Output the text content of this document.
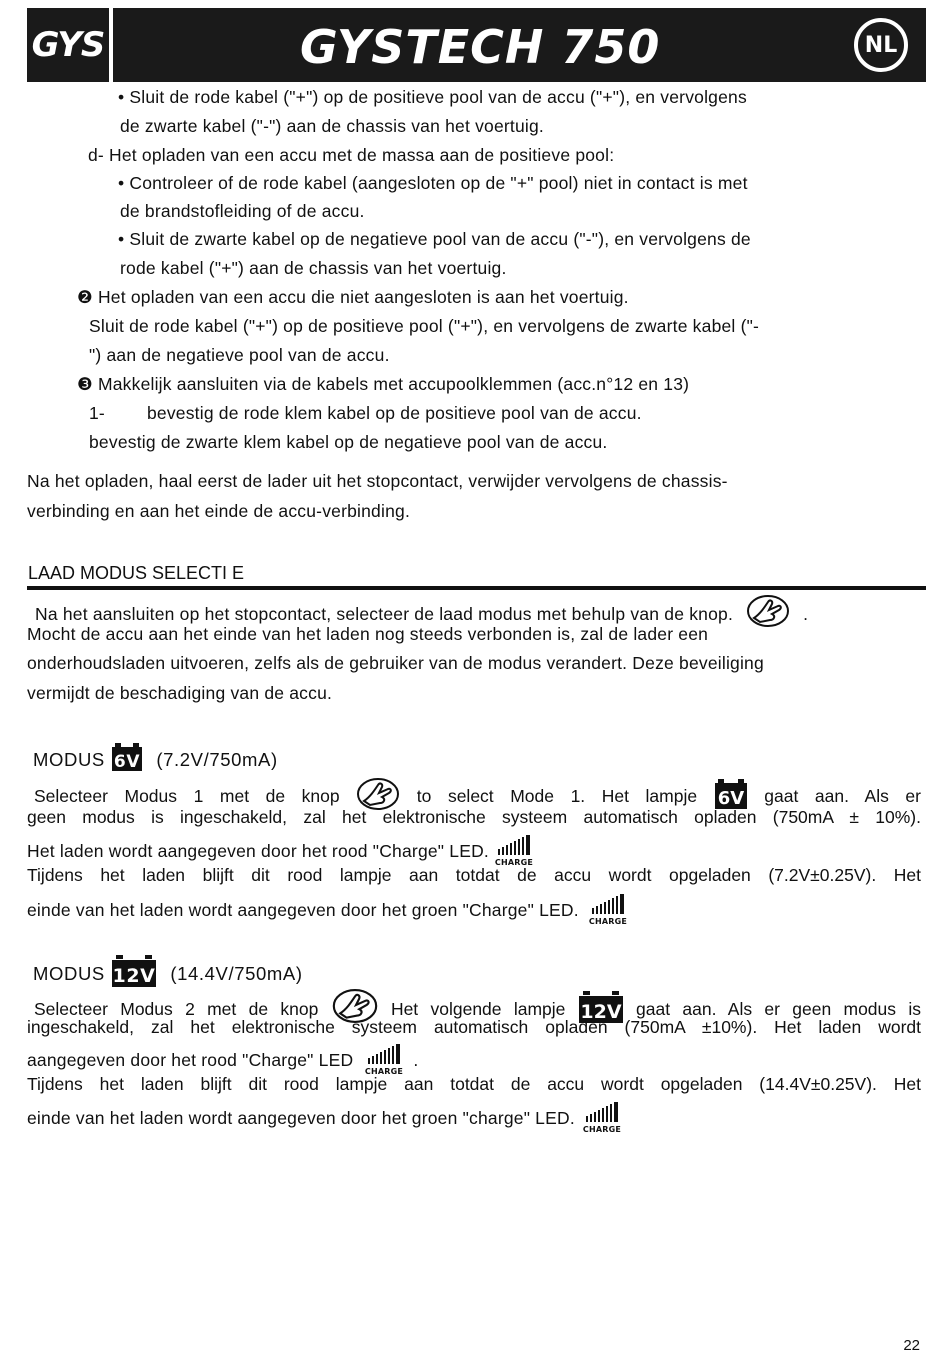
GYS	GYSTECH 750	NL
• Sluit de rode kabel ("+") op de positieve pool van de accu ("+"), en vervolgens
de zwarte kabel ("-") aan de chassis van het voertuig.
d- Het opladen van een accu met de massa aan de positieve pool:
• Controleer of de rode kabel (aangesloten op de "+" pool) niet in contact is met
de brandstofleiding of de accu.
• Sluit de zwarte kabel op de negatieve pool van de accu ("-"), en vervolgens de
rode kabel ("+") aan de chassis van het voertuig.
❷ Het opladen van een accu die niet aangesloten is aan het voertuig.
Sluit de rode kabel ("+") op de positieve pool ("+"), en vervolgens de zwarte kabel ("-
") aan de negatieve pool van de accu.
❸ Makkelijk aansluiten via de kabels met accupoolklemmen (acc.n°12 en 13)
1- bevestig de rode klem kabel op de positieve pool van de accu.
bevestig de zwarte klem kabel op de negatieve pool van de accu.
Na het opladen, haal eerst de lader uit het stopcontact, verwijder vervolgens de chassis-
verbinding en aan het einde de accu-verbinding.
LAAD MODUS SELECTI E
Na het aansluiten op het stopcontact, selecteer de laad modus met behulp van de knop.	.
Mocht de accu aan het einde van het laden nog steeds verbonden is, zal de lader een
onderhoudsladen uitvoeren, zelfs als de gebruiker van de modus verandert. Deze beveiliging
vermijdt de beschadiging van de accu.
MODUS 6V (7.2V/750mA)
Selecteer Modus 1 met de knop	to select Mode 1. Het lampje 6V gaat aan. Als er
geen modus is ingeschakeld, zal het elektronische systeem automatisch opladen (750mA ± 10%).
Het laden wordt aangegeven door het rood "Charge" LED.
CHARGE
Tijdens het laden blijft dit rood lampje aan totdat de accu wordt opgeladen (7.2V±0.25V). Het
einde van het laden wordt aangegeven door het groen "Charge" LED.
CHARGE
MODUS 12V (14.4V/750mA)
Selecteer Modus 2 met de knop	Het volgende lampje 12V gaat aan. Als er geen modus is
ingeschakeld, zal het elektronische systeem automatisch opladen (750mA ±10%). Het laden wordt
aangegeven door het rood "Charge" LED
CHARGE
.
Tijdens het laden blijft dit rood lampje aan totdat de accu wordt opgeladen (14.4V±0.25V). Het
einde van het laden wordt aangegeven door het groen "charge" LED.
CHARGE
22
